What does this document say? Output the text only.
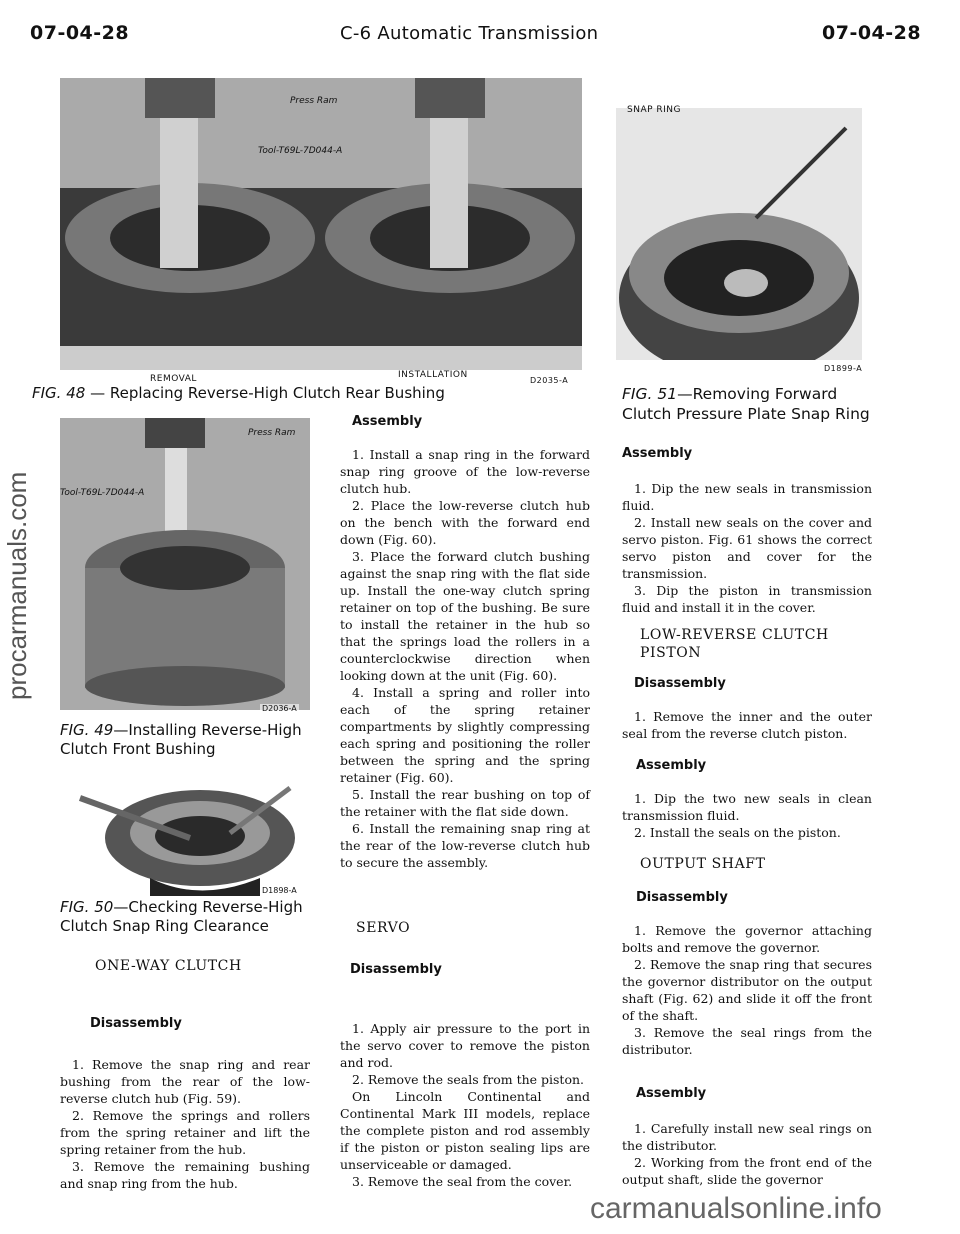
07-04-28	C-6 Automatic Transmission	07-04-28
procarmanuals.com
Press Ram
Tool-T69L-7D044-A
REMOVAL	INSTALLATION
D2035-A
FIG. 48 — Replacing Reverse-High Clutch Rear Bushing
SNAP RING
D1899-A
FIG. 51—Removing Forward
Clutch Pressure Plate Snap Ring
Press Ram
Tool-T69L-7D044-A
D2036-A
FIG. 49—Installing Reverse-High
Clutch Front Bushing
D1898-A
FIG. 50—Checking Reverse-High
Clutch Snap Ring Clearance
ONE-WAY CLUTCH
Disassembly

1. Remove the snap ring and rear bushing from the rear of the low-reverse clutch hub (Fig. 59).

2. Remove the springs and rollers from the spring retainer and lift the spring retainer from the hub.

3. Remove the remaining bushing and snap ring from the hub.

Assembly

1. Install a snap ring in the forward snap ring groove of the low-reverse clutch hub.

2. Place the low-reverse clutch hub on the bench with the forward end down (Fig. 60).

3. Place the forward clutch bushing against the snap ring with the flat side up. Install the one-way clutch spring retainer on top of the bushing. Be sure to install the retainer in the hub so that the springs load the rollers in a counterclockwise direction when looking down at the unit (Fig. 60).

4. Install a spring and roller into each of the spring retainer compartments by slightly compressing each spring and positioning the roller between the spring and the spring retainer (Fig. 60).

5. Install the rear bushing on top of the retainer with the flat side down.

6. Install the remaining snap ring at the rear of the low-reverse clutch hub to secure the assembly.

SERVO
Disassembly

1. Apply air pressure to the port in the servo cover to remove the piston and rod.

2. Remove the seals from the piston.

On Lincoln Continental and Continental Mark III models, replace the complete piston and rod assembly if the piston or piston sealing lips are unserviceable or damaged.

3. Remove the seal from the cover.

Assembly

1. Dip the new seals in transmission fluid.

2. Install new seals on the cover and servo piston. Fig. 61 shows the correct servo piston and cover for the transmission.

3. Dip the piston in transmission fluid and install it in the cover.

LOW-REVERSE CLUTCH PISTON
Disassembly

1. Remove the inner and the outer seal from the reverse clutch piston.

Assembly

1. Dip the two new seals in clean transmission fluid.

2. Install the seals on the piston.

OUTPUT SHAFT
Disassembly

1. Remove the governor attaching bolts and remove the governor.

2. Remove the snap ring that secures the governor distributor on the output shaft (Fig. 62) and slide it off the front of the shaft.

3. Remove the seal rings from the distributor.

Assembly

1. Carefully install new seal rings on the distributor.

2. Working from the front end of the output shaft, slide the governor

carmanualsonline.info
